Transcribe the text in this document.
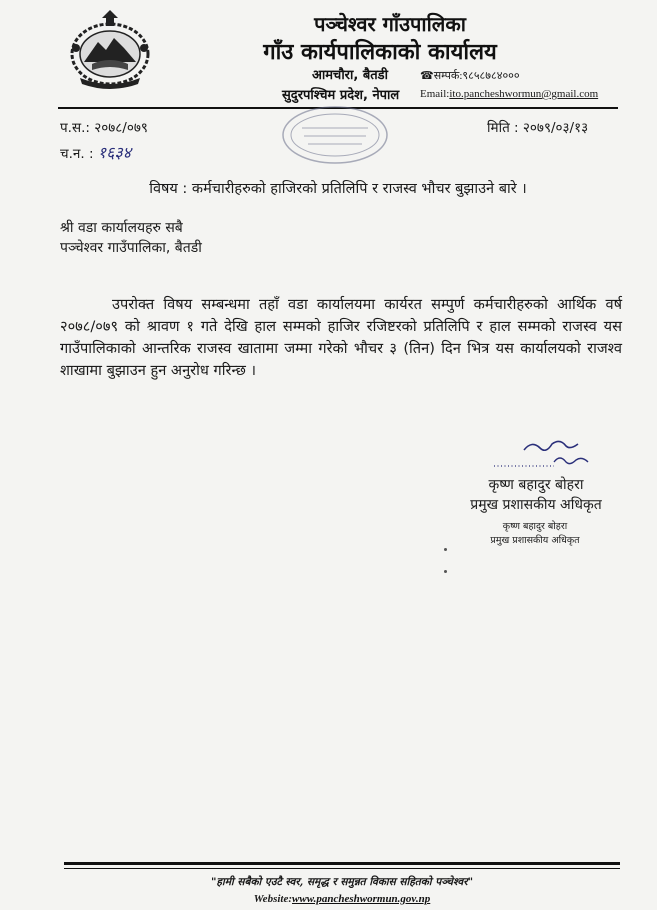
पञ्चेश्वर गाँउपालिका
गाँउ कार्यपालिकाको कार्यालय
आमचौरा, बैतडी
सुदुरपश्चिम प्रदेश, नेपाल
☎सम्पर्क:९८५८७८४०००
Email:ito.pancheshwormun@gmail.com
प.स.: २०७८/०७९
च.न. : १६३४
मिति : २०७९/०३/१३
विषय : कर्मचारीहरुको हाजिरको प्रतिलिपि र राजस्व भौचर बुझाउने बारे ।
श्री वडा कार्यालयहरु सबै
पञ्चेश्वर गाउँपालिका, बैतडी
उपरोक्त विषय सम्बन्धमा तहाँ वडा कार्यालयमा कार्यरत सम्पुर्ण कर्मचारीहरुको आर्थिक वर्ष २०७८/०७९ को श्रावण १ गते देखि हाल सम्मको हाजिर रजिष्टरको प्रतिलिपि र हाल सम्मको राजस्व यस गाउँपालिकाको आन्तरिक राजस्व खातामा जम्मा गरेको भौचर ३ (तिन) दिन भित्र यस कार्यालयको राजश्व शाखामा बुझाउन हुन अनुरोध गरिन्छ ।
कृष्ण बहादुर बोहरा
प्रमुख प्रशासकीय अधिकृत
कृष्ण बहादुर बोहरा
प्रमुख प्रशासकीय अधिकृत
"हामी सबैको एउटै स्वर, समृद्ध र समुन्नत विकास सहितको पञ्चेश्वर"
Website:www.pancheshwormun.gov.np
